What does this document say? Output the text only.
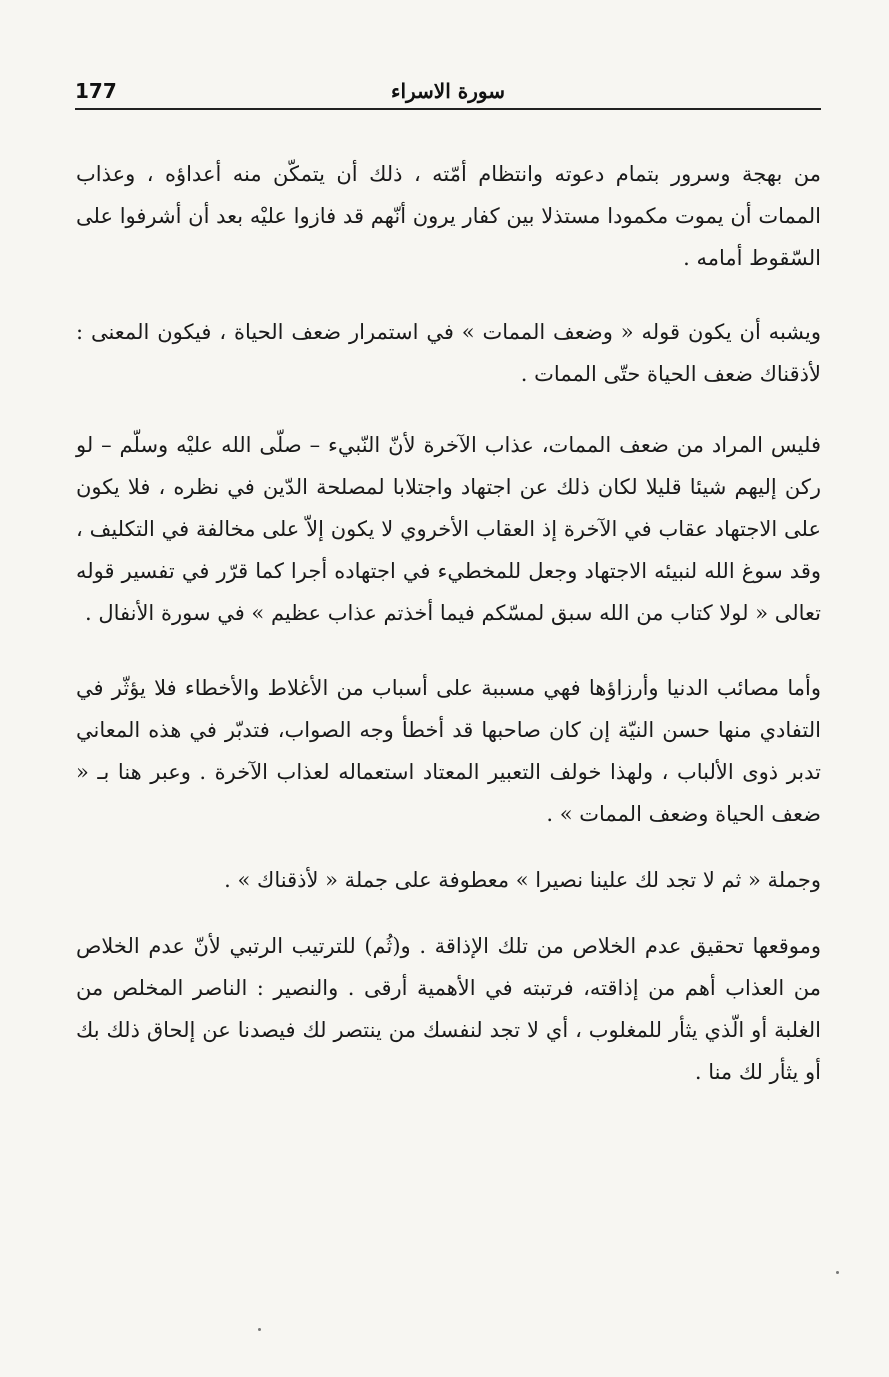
سورة الاسراء
177

من بهجة وسرور بتمام دعوته وانتظام أمّته ، ذلك أن يتمكّن منه أعداؤه ، وعذاب الممات أن يموت مكمودا مستذلا بين كفار يرون أنّهم قد فازوا عليْه بعد أن أشرفوا على السّقوط أمامه .

ويشبه أن يكون قوله « وضعف الممات » في استمرار ضعف الحياة ، فيكون المعنى : لأذقناك ضعف الحياة حتّى الممات .

فليس المراد من ضعف الممات، عذاب الآخرة لأنّ النّبيء – صلّى الله عليْه وسلّم – لو ركن إليهم شيئا قليلا لكان ذلك عن اجتهاد واجتلابا لمصلحة الدّين في نظره ، فلا يكون على الاجتهاد عقاب في الآخرة إذ العقاب الأخروي لا يكون إلاّ على مخالفة في التكليف ، وقد سوغ الله لنبيئه الاجتهاد وجعل للمخطيء في اجتهاده أجرا كما قرّر في تفسير قوله تعالى « لولا كتاب من الله سبق لمسّكم فيما أخذتم عذاب عظيم » في سورة الأنفال .

وأما مصائب الدنيا وأرزاؤها فهي مسببة على أسباب من الأغلاط والأخطاء فلا يؤثّر في التفادي منها حسن النيّة إن كان صاحبها قد أخطأ وجه الصواب، فتدبّر في هذه المعاني تدبر ذوى الألباب ، ولهذا خولف التعبير المعتاد استعماله لعذاب الآخرة . وعبر هنا بـ « ضعف الحياة وضعف الممات » .

وجملة « ثم لا تجد لك علينا نصيرا » معطوفة على جملة « لأذقناك » .

وموقعها تحقيق عدم الخلاص من تلك الإذاقة . و(ثُم) للترتيب الرتبي لأنّ عدم الخلاص من العذاب أهم من إذاقته، فرتبته في الأهمية أرقى . والنصير : الناصر المخلص من الغلبة أو الّذي يثأر للمغلوب ، أي لا تجد لنفسك من ينتصر لك فيصدنا عن إلحاق ذلك بك أو يثأر لك منا .
